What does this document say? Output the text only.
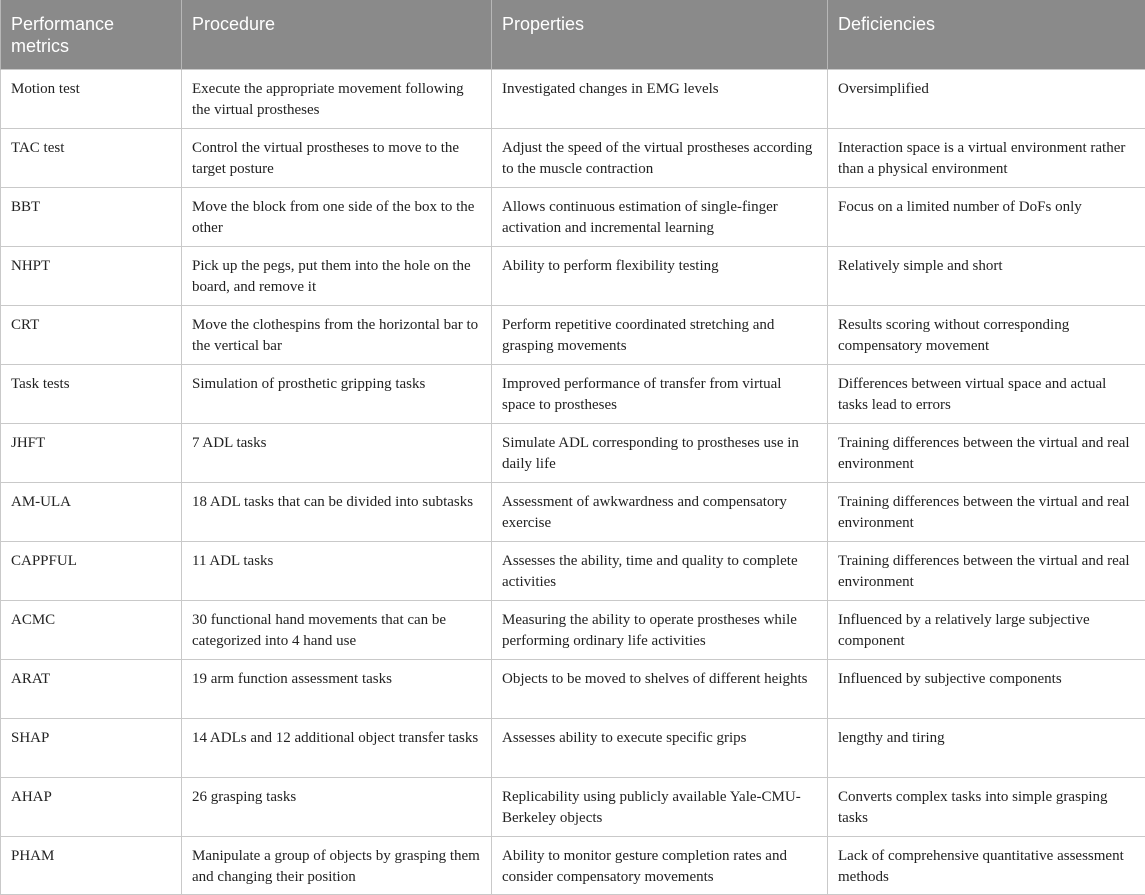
Performance metrics	Procedure	Properties	Deficiencies
Motion test	Execute the appropriate movement following the virtual prostheses	Investigated changes in EMG levels	Oversimplified
TAC test	Control the virtual prostheses to move to the target posture	Adjust the speed of the virtual prostheses according to the muscle contraction	Interaction space is a virtual environment rather than a physical environment
BBT	Move the block from one side of the box to the other	Allows continuous estimation of single-finger activation and incremental learning	Focus on a limited number of DoFs only
NHPT	Pick up the pegs, put them into the hole on the board, and remove it	Ability to perform flexibility testing	Relatively simple and short
CRT	Move the clothespins from the horizontal bar to the vertical bar	Perform repetitive coordinated stretching and grasping movements	Results scoring without corresponding compensatory movement
Task tests	Simulation of prosthetic gripping tasks	Improved performance of transfer from virtual space to prostheses	Differences between virtual space and actual tasks lead to errors
JHFT	7 ADL tasks	Simulate ADL corresponding to prostheses use in daily life	Training differences between the virtual and real environment
AM-ULA	18 ADL tasks that can be divided into subtasks	Assessment of awkwardness and compensatory exercise	Training differences between the virtual and real environment
CAPPFUL	11 ADL tasks	Assesses the ability, time and quality to complete activities	Training differences between the virtual and real environment
ACMC	30 functional hand movements that can be categorized into 4 hand use	Measuring the ability to operate prostheses while performing ordinary life activities	Influenced by a relatively large subjective component
ARAT	19 arm function assessment tasks	Objects to be moved to shelves of different heights	Influenced by subjective components
SHAP	14 ADLs and 12 additional object transfer tasks	Assesses ability to execute specific grips	lengthy and tiring
AHAP	26 grasping tasks	Replicability using publicly available Yale-CMU-Berkeley objects	Converts complex tasks into simple grasping tasks
PHAM	Manipulate a group of objects by grasping them and changing their position	Ability to monitor gesture completion rates and consider compensatory movements	Lack of comprehensive quantitative assessment methods
